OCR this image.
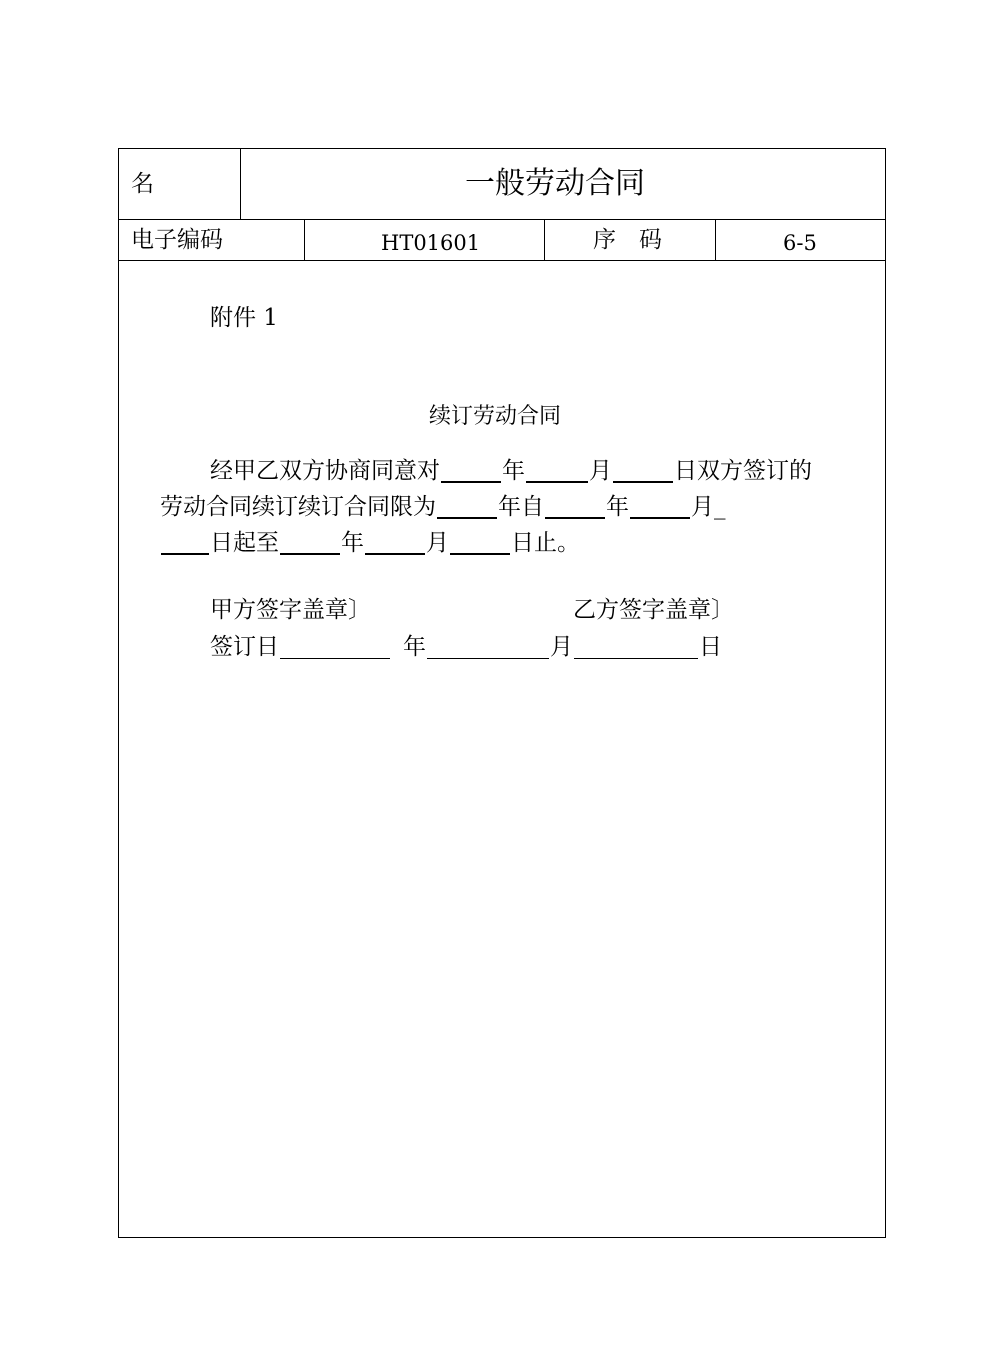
名	一般劳动合同
电子编码	HT01601	序　码	6-5
附件 1
续订劳动合同
经甲乙双方协商同意对	年	月	日双方签订的
劳动合同续订续订合同限为	年自	年	月_
日起至	年	月	日止。
甲方签字盖章〕	乙方签字盖章〕
签订日	年	月	日
